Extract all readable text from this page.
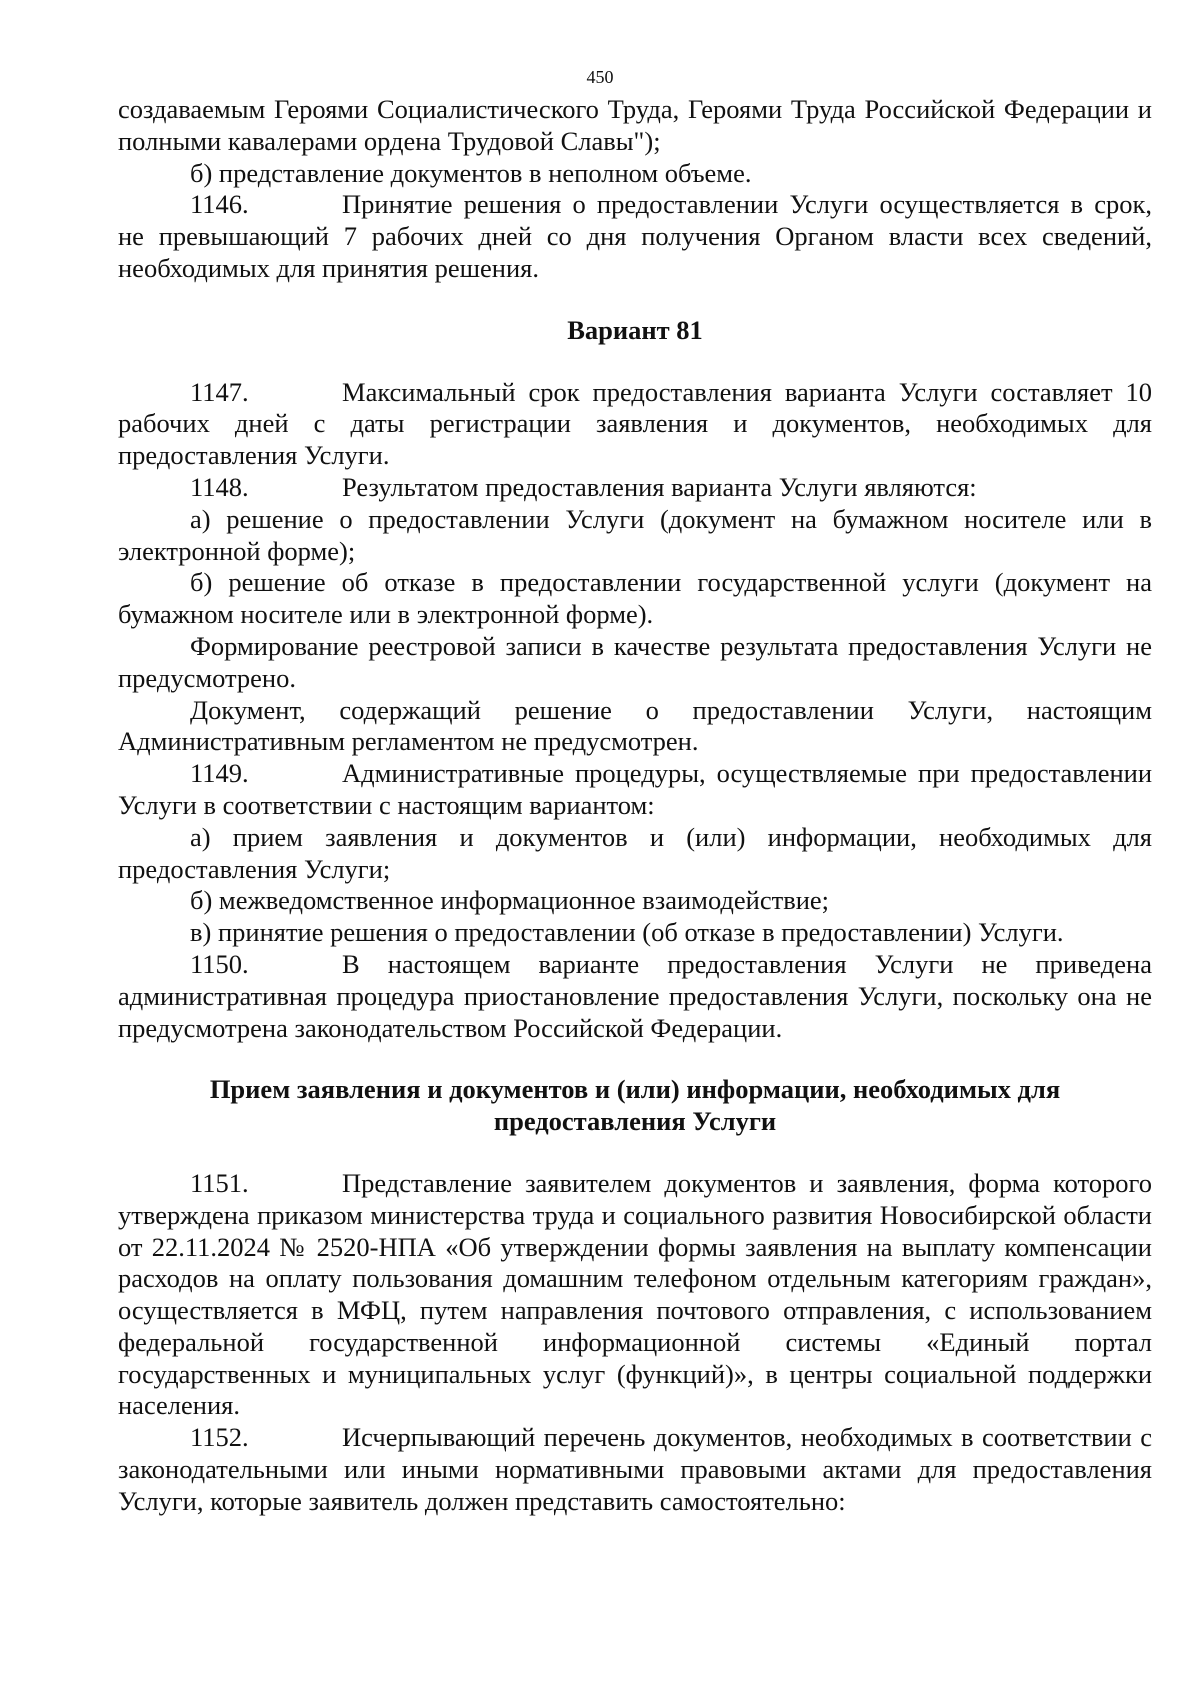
450

создаваемым Героями Социалистического Труда, Героями Труда Российской Федерации и полными кавалерами ордена Трудовой Славы");

б) представление документов в неполном объеме.

1146.	Принятие решения о предоставлении Услуги осуществляется в срок, не превышающий 7 рабочих дней со дня получения Органом власти всех сведений, необходимых для принятия решения.

Вариант 81

1147.	Максимальный срок предоставления варианта Услуги составляет 10 рабочих дней с даты регистрации заявления и документов, необходимых для предоставления Услуги.

1148.	Результатом предоставления варианта Услуги являются:

а) решение о предоставлении Услуги (документ на бумажном носителе или в электронной форме);

б) решение об отказе в предоставлении государственной услуги (документ на бумажном носителе или в электронной форме).

Формирование реестровой записи в качестве результата предоставления Услуги не предусмотрено.

Документ, содержащий решение о предоставлении Услуги, настоящим Административным регламентом не предусмотрен.

1149.	Административные процедуры, осуществляемые при предоставлении Услуги в соответствии с настоящим вариантом:

а) прием заявления и документов и (или) информации, необходимых для предоставления Услуги;

б) межведомственное информационное взаимодействие;

в) принятие решения о предоставлении (об отказе в предоставлении) Услуги.

1150.	В настоящем варианте предоставления Услуги не приведена административная процедура приостановление предоставления Услуги, поскольку она не предусмотрена законодательством Российской Федерации.

Прием заявления и документов и (или) информации, необходимых для предоставления Услуги

1151.	Представление заявителем документов и заявления, форма которого утверждена приказом министерства труда и социального развития Новосибирской области от 22.11.2024 № 2520-НПА «Об утверждении формы заявления на выплату компенсации расходов на оплату пользования домашним телефоном отдельным категориям граждан», осуществляется в МФЦ, путем направления почтового отправления, с использованием федеральной государственной информационной системы «Единый портал государственных и муниципальных услуг (функций)», в центры социальной поддержки населения.

1152.	Исчерпывающий перечень документов, необходимых в соответствии с законодательными или иными нормативными правовыми актами для предоставления Услуги, которые заявитель должен представить самостоятельно:
